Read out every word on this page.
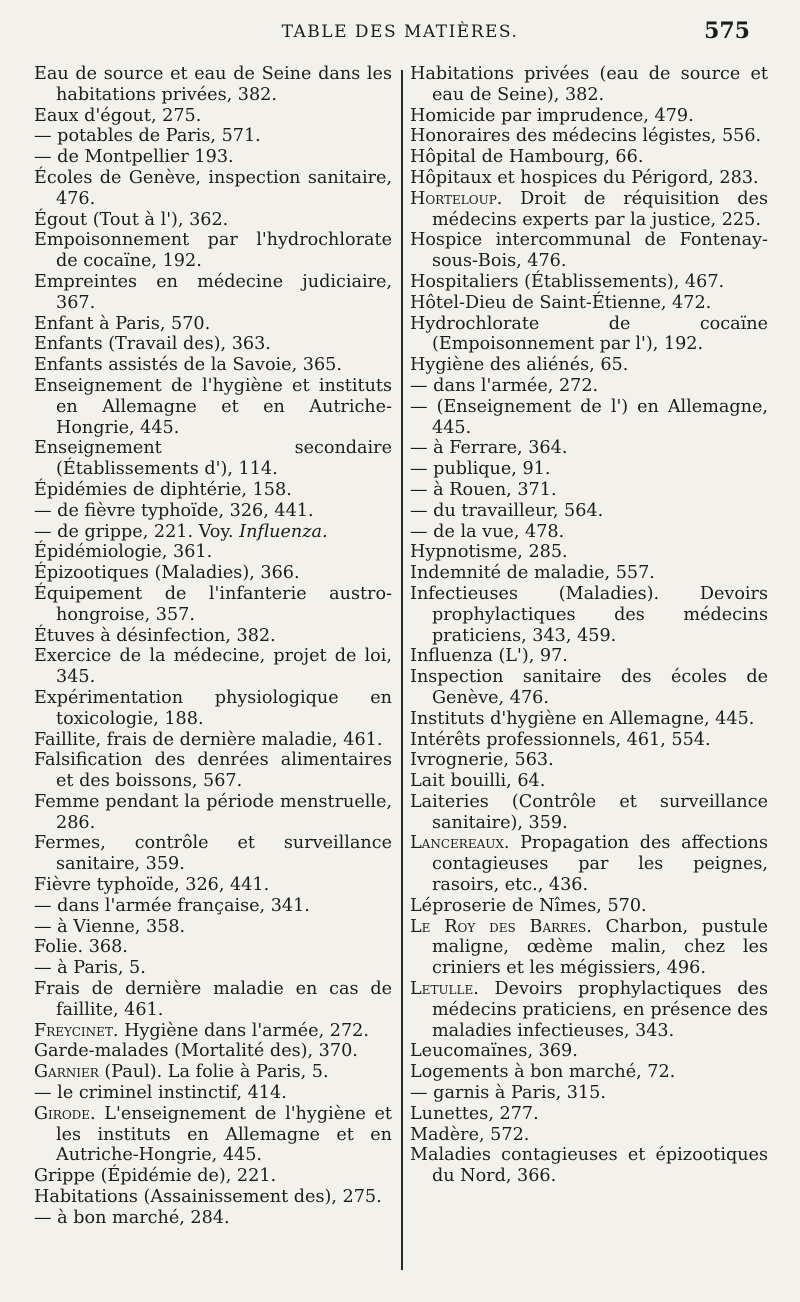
TABLE DES MATIÈRES.	575

Eau de source et eau de Seine dans les habitations privées, 382.

Eaux d'égout, 275.

— potables de Paris, 571.

— de Montpellier 193.

Écoles de Genève, inspection sanitaire, 476.

Égout (Tout à l'), 362.

Empoisonnement par l'hydrochlorate de cocaïne, 192.

Empreintes en médecine judiciaire, 367.

Enfant à Paris, 570.

Enfants (Travail des), 363.

Enfants assistés de la Savoie, 365.

Enseignement de l'hygiène et instituts en Allemagne et en Autriche-Hongrie, 445.

Enseignement secondaire (Établissements d'), 114.

Épidémies de diphtérie, 158.

— de fièvre typhoïde, 326, 441.

— de grippe, 221. Voy. Influenza.

Épidémiologie, 361.

Épizootiques (Maladies), 366.

Équipement de l'infanterie austro-hongroise, 357.

Étuves à désinfection, 382.

Exercice de la médecine, projet de loi, 345.

Expérimentation physiologique en toxicologie, 188.

Faillite, frais de dernière maladie, 461.

Falsification des denrées alimentaires et des boissons, 567.

Femme pendant la période menstruelle, 286.

Fermes, contrôle et surveillance sanitaire, 359.

Fièvre typhoïde, 326, 441.

— dans l'armée française, 341.

— à Vienne, 358.

Folie. 368.

— à Paris, 5.

Frais de dernière maladie en cas de faillite, 461.

Freycinet. Hygiène dans l'armée, 272.

Garde-malades (Mortalité des), 370.

Garnier (Paul). La folie à Paris, 5.

— le criminel instinctif, 414.

Girode. L'enseignement de l'hygiène et les instituts en Allemagne et en Autriche-Hongrie, 445.

Grippe (Épidémie de), 221.

Habitations (Assainissement des), 275.

— à bon marché, 284.

Habitations privées (eau de source et eau de Seine), 382.

Homicide par imprudence, 479.

Honoraires des médecins légistes, 556.

Hôpital de Hambourg, 66.

Hôpitaux et hospices du Périgord, 283.

Horteloup. Droit de réquisition des médecins experts par la justice, 225.

Hospice intercommunal de Fontenay-sous-Bois, 476.

Hospitaliers (Établissements), 467.

Hôtel-Dieu de Saint-Étienne, 472.

Hydrochlorate de cocaïne (Empoisonnement par l'), 192.

Hygiène des aliénés, 65.

— dans l'armée, 272.

— (Enseignement de l') en Allemagne, 445.

— à Ferrare, 364.

— publique, 91.

— à Rouen, 371.

— du travailleur, 564.

— de la vue, 478.

Hypnotisme, 285.

Indemnité de maladie, 557.

Infectieuses (Maladies). Devoirs prophylactiques des médecins praticiens, 343, 459.

Influenza (L'), 97.

Inspection sanitaire des écoles de Genève, 476.

Instituts d'hygiène en Allemagne, 445.

Intérêts professionnels, 461, 554.

Ivrognerie, 563.

Lait bouilli, 64.

Laiteries (Contrôle et surveillance sanitaire), 359.

Lancereaux. Propagation des affections contagieuses par les peignes, rasoirs, etc., 436.

Léproserie de Nîmes, 570.

Le Roy des Barres. Charbon, pustule maligne, œdème malin, chez les criniers et les mégissiers, 496.

Letulle. Devoirs prophylactiques des médecins praticiens, en présence des maladies infectieuses, 343.

Leucomaïnes, 369.

Logements à bon marché, 72.

— garnis à Paris, 315.

Lunettes, 277.

Madère, 572.

Maladies contagieuses et épizootiques du Nord, 366.
